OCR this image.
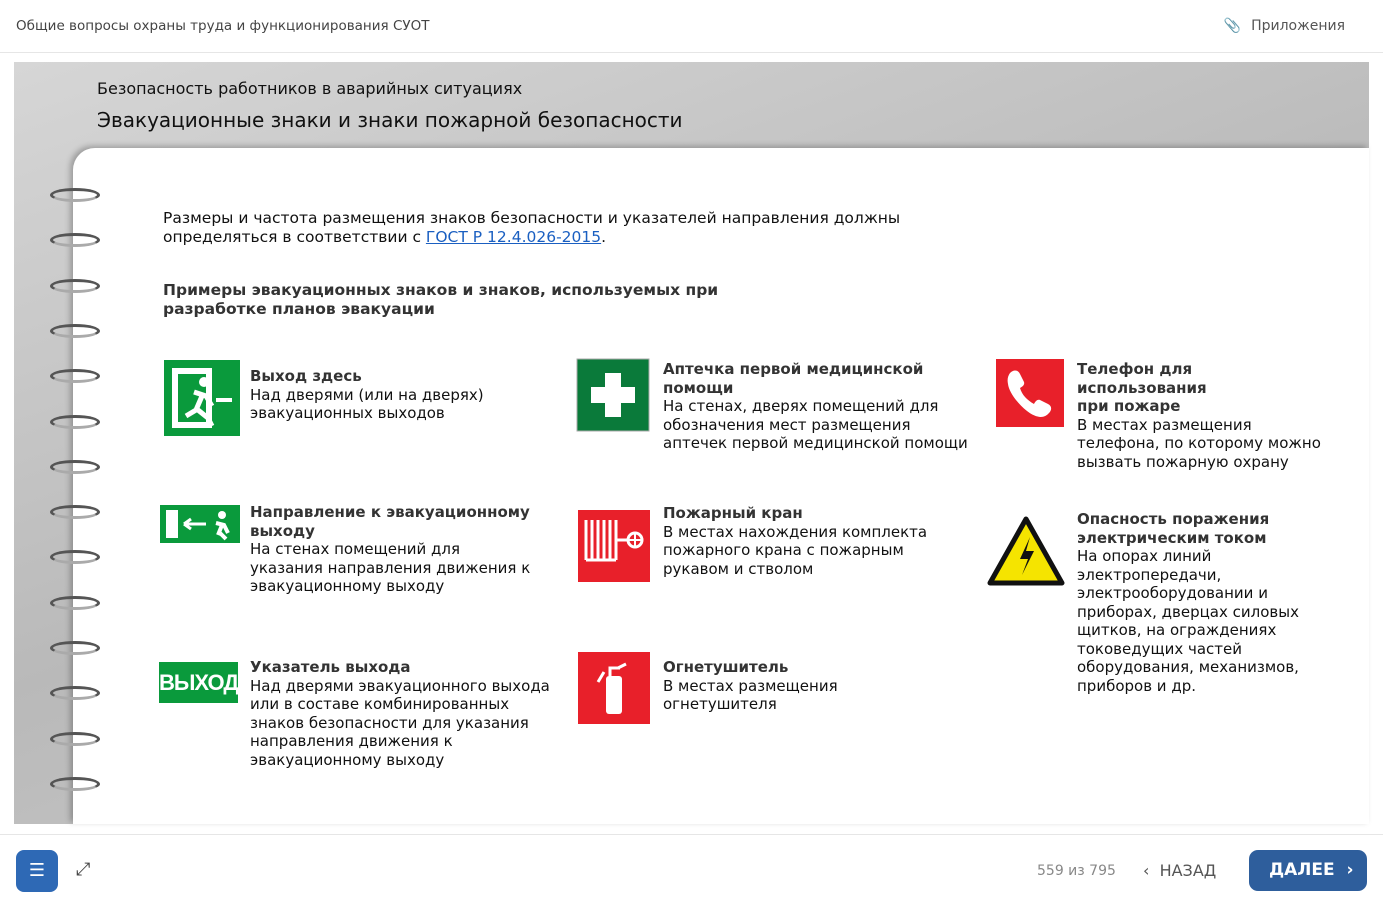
Общие вопросы охраны труда и функционирования СУОТ	📎 Приложения
Безопасность работников в аварийных ситуациях
Эвакуационные знаки и знаки пожарной безопасности
Размеры и частота размещения знаков безопасности и указателей направления должны определяться в соответствии с ГОСТ Р 12.4.026-2015.
Примеры эвакуационных знаков и знаков, используемых при разработке планов эвакуации
ВЫХОД
Выход здесь
Над дверями (или на дверях) эвакуационных выходов
Аптечка первой медицинской помощи
На стенах, дверях помещений для обозначения мест размещения аптечек первой медицинской помощи
Телефон для использования при пожаре
В местах размещения телефона, по которому можно вызвать пожарную охрану
Направление к эвакуационному выходу
На стенах помещений для указания направления движения к эвакуационному выходу
Пожарный кран
В местах нахождения комплекта пожарного крана с пожарным рукавом и стволом
Опасность поражения электрическим током
На опорах линий электропередачи, электрооборудовании и приборах, дверцах силовых щитков, на ограждениях токоведущих частей оборудования, механизмов, приборов и др.
Указатель выхода
Над дверями эвакуационного выхода или в составе комбинированных знаков безопасности для указания направления движения к эвакуационному выходу
Огнетушитель
В местах размещения огнетушителя
☰	⤢	559 из 795 ‹  НАЗАД	ДАЛЕЕ  ›
